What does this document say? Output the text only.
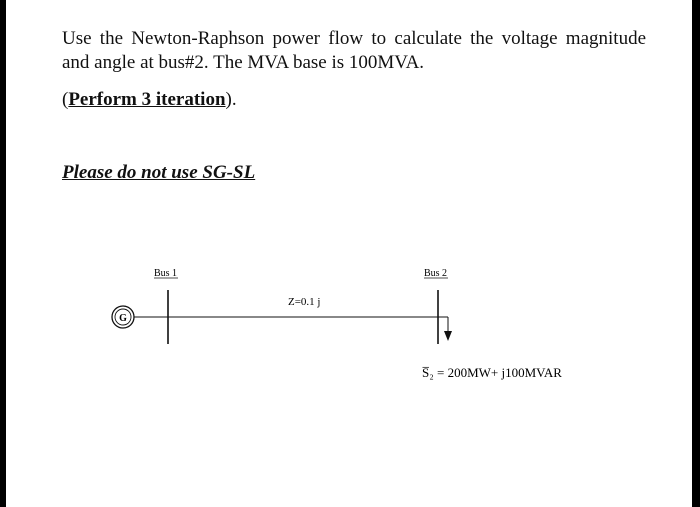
Use the Newton-Raphson power flow to calculate the voltage magnitude and angle at bus#2. The MVA base is 100MVA.

(Perform 3 iteration).

Please do not use SG-SL

Bus 1	Bus 2
G
Z=0.1 j
S̅₂ = 200MW+ j100MVAR
